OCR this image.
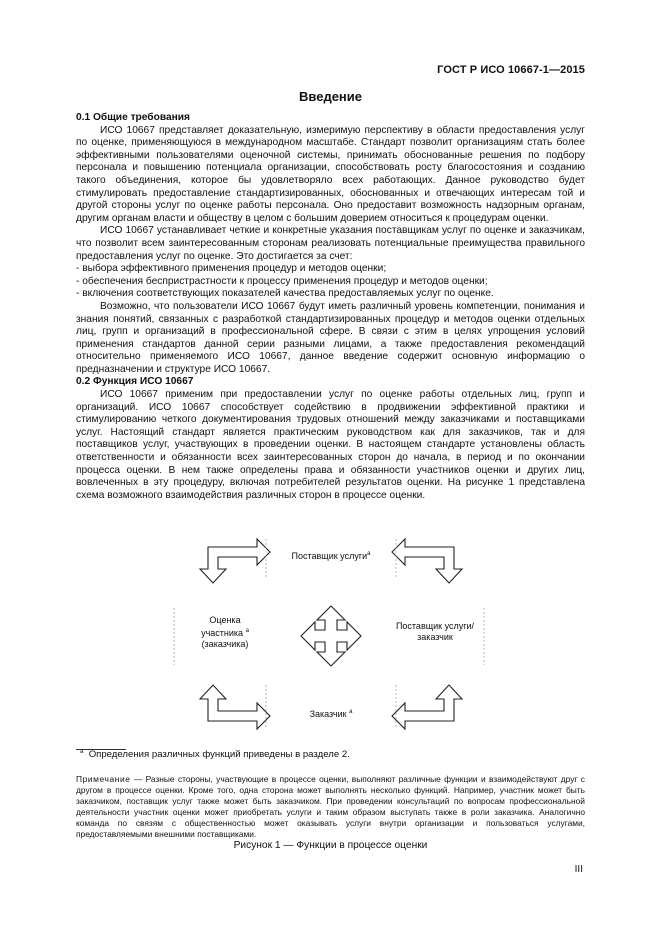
ГОСТ Р ИСО 10667-1—2015
Введение

0.1 Общие требования

ИСО 10667 представляет доказательную, измеримую перспективу в области предоставления услуг по оценке, применяющуюся в международном масштабе. Стандарт позволит организациям стать более эффективными пользователями оценочной системы, принимать обоснованные решения по подбору персонала и повышению потенциала организации, способствовать росту благосостояния и созданию такого объединения, которое бы удовлетворяло всех работающих. Данное руководство будет стимулировать предоставление стандартизированных, обоснованных и отвечающих интересам той и другой стороны услуг по оценке работы персонала. Оно предоставит возможность надзорным органам, другим органам власти и обществу в целом с большим доверием относиться к процедурам оценки.

ИСО 10667 устанавливает четкие и конкретные указания поставщикам услуг по оценке и заказчикам, что позволит всем заинтересованным сторонам реализовать потенциальные преимущества правильного предоставления услуг по оценке. Это достигается за счет:

- выбора эффективного применения процедур и методов оценки;

- обеспечения беспристрастности к процессу применения процедур и методов оценки;

- включения соответствующих показателей качества предоставляемых услуг по оценке.

Возможно, что пользователи ИСО 10667 будут иметь различный уровень компетенции, понимания и знания понятий, связанных с разработкой стандартизированных процедур и методов оценки отдельных лиц, групп и организаций в профессиональной сфере. В связи с этим в целях упрощения условий применения стандартов данной серии разными лицами, а также предоставления рекомендаций относительно применяемого ИСО 10667, данное введение содержит основную информацию о предназначении и структуре ИСО 10667.

0.2 Функция ИСО 10667

ИСО 10667 применим при предоставлении услуг по оценке работы отдельных лиц, групп и организаций. ИСО 10667 способствует содействию в продвижении эффективной практики и стимулированию четкого документирования трудовых отношений между заказчиками и поставщиками услуг. Настоящий стандарт является практическим руководством как для заказчиков, так и для поставщиков услуг, участвующих в проведении оценки. В настоящем стандарте установлены область ответственности и обязанности всех заинтересованных сторон до начала, в период и по окончании процесса оценки. В нем также определены права и обязанности участников оценки и других лиц, вовлеченных в эту процедуру, включая потребителей результатов оценки. На рисунке 1 представлена схема возможного взаимодействия различных сторон в процессе оценки.

Поставщик услуги$^а$
Оценка
участника $^а$
(заказчика)
Поставщик услуги/
заказчик
Заказчик $^а$
$^а$ Определения различных функций приведены в разделе 2.
Примечание — Разные стороны, участвующие в процессе оценки, выполняют различные функции и взаимодействуют друг с другом в процессе оценки. Кроме того, одна сторона может выполнять несколько функций. Например, участник может быть заказчиком, поставщик услуг также может быть заказчиком. При проведении консультаций по вопросам профессиональной деятельности участник оценки может приобретать услуги и таким образом выступать также в роли заказчика. Аналогично команда по связям с общественностью может оказывать услуги внутри организации и пользоваться услугами, предоставляемыми внешними поставщиками.
Рисунок 1 — Функции в процессе оценки
III
